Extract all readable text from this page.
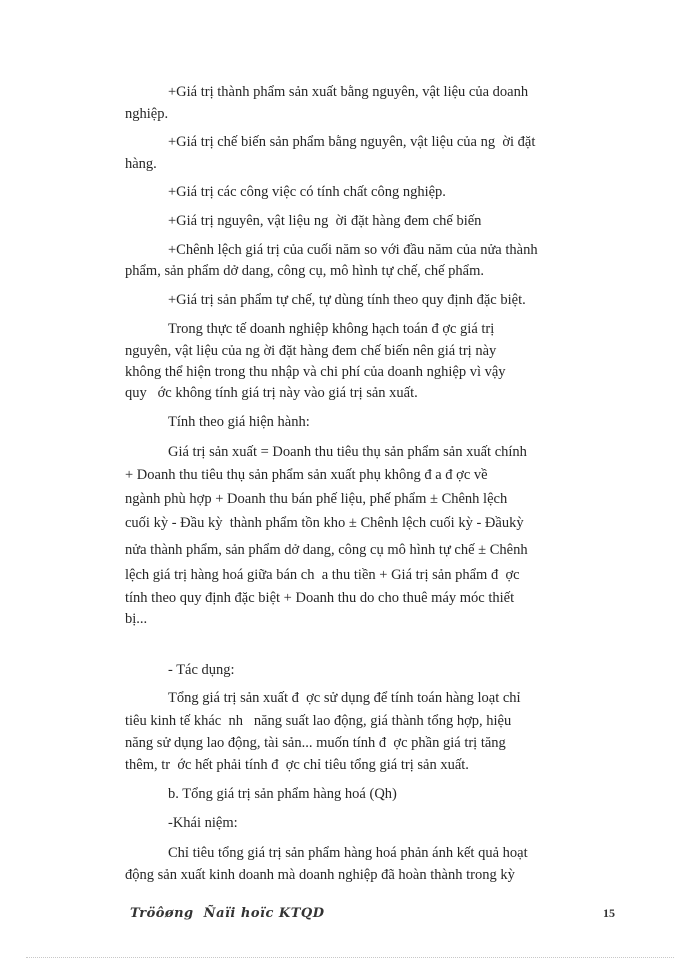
+Giá trị thành phẩm sản xuất bằng nguyên, vật liệu của doanh
nghiệp.
+Giá trị chế biến sản phẩm bằng nguyên, vật liệu của ng  ời đặt
hàng.
+Giá trị các công việc có tính chất công nghiệp.
+Giá trị nguyên, vật liệu ng  ời đặt hàng đem chế biến
+Chênh lệch giá trị của cuối năm so với đầu năm của nửa thành
phẩm, sản phẩm dở dang, công cụ, mô hình tự chế, chế phẩm.
+Giá trị sản phẩm tự chế, tự dùng tính theo quy định đặc biệt.
Trong thực tế doanh nghiệp không hạch toán đ ợc giá trị
nguyên, vật liệu của ng ời đặt hàng đem chế biến nên giá trị này
không thể hiện trong thu nhập và chi phí của doanh nghiệp vì vậy
quy   ớc không tính giá trị này vào giá trị sản xuất.
Tính theo giá hiện hành:
Giá trị sản xuất = Doanh thu tiêu thụ sản phẩm sản xuất chính
+ Doanh thu tiêu thụ sản phẩm sản xuất phụ không đ a đ ợc về
ngành phù hợp + Doanh thu bán phế liệu, phế phẩm ± Chênh lệch
cuối kỳ - Đầu kỳ  thành phẩm tồn kho ± Chênh lệch cuối kỳ - Đầukỳ
nửa thành phẩm, sản phẩm dở dang, công cụ mô hình tự chế ± Chênh
lệch giá trị hàng hoá giữa bán ch  a thu tiền + Giá trị sản phẩm đ  ợc
tính theo quy định đặc biệt + Doanh thu do cho thuê máy móc thiết
bị...
- Tác dụng:
Tổng giá trị sản xuất đ  ợc sử dụng để tính toán hàng loạt chỉ
tiêu kinh tế khác  nh   năng suất lao động, giá thành tổng hợp, hiệu
năng sử dụng lao động, tài sản... muốn tính đ  ợc phần giá trị tăng
thêm, tr  ớc hết phải tính đ  ợc chỉ tiêu tổng giá trị sản xuất.
b. Tổng giá trị sản phẩm hàng hoá (Qh)
-Khái niệm:
Chỉ tiêu tổng giá trị sản phẩm hàng hoá phản ánh kết quả hoạt
động sản xuất kinh doanh mà doanh nghiệp đã hoàn thành trong kỳ
Tröôøng  Ñaïi hoïc KTQD	15
